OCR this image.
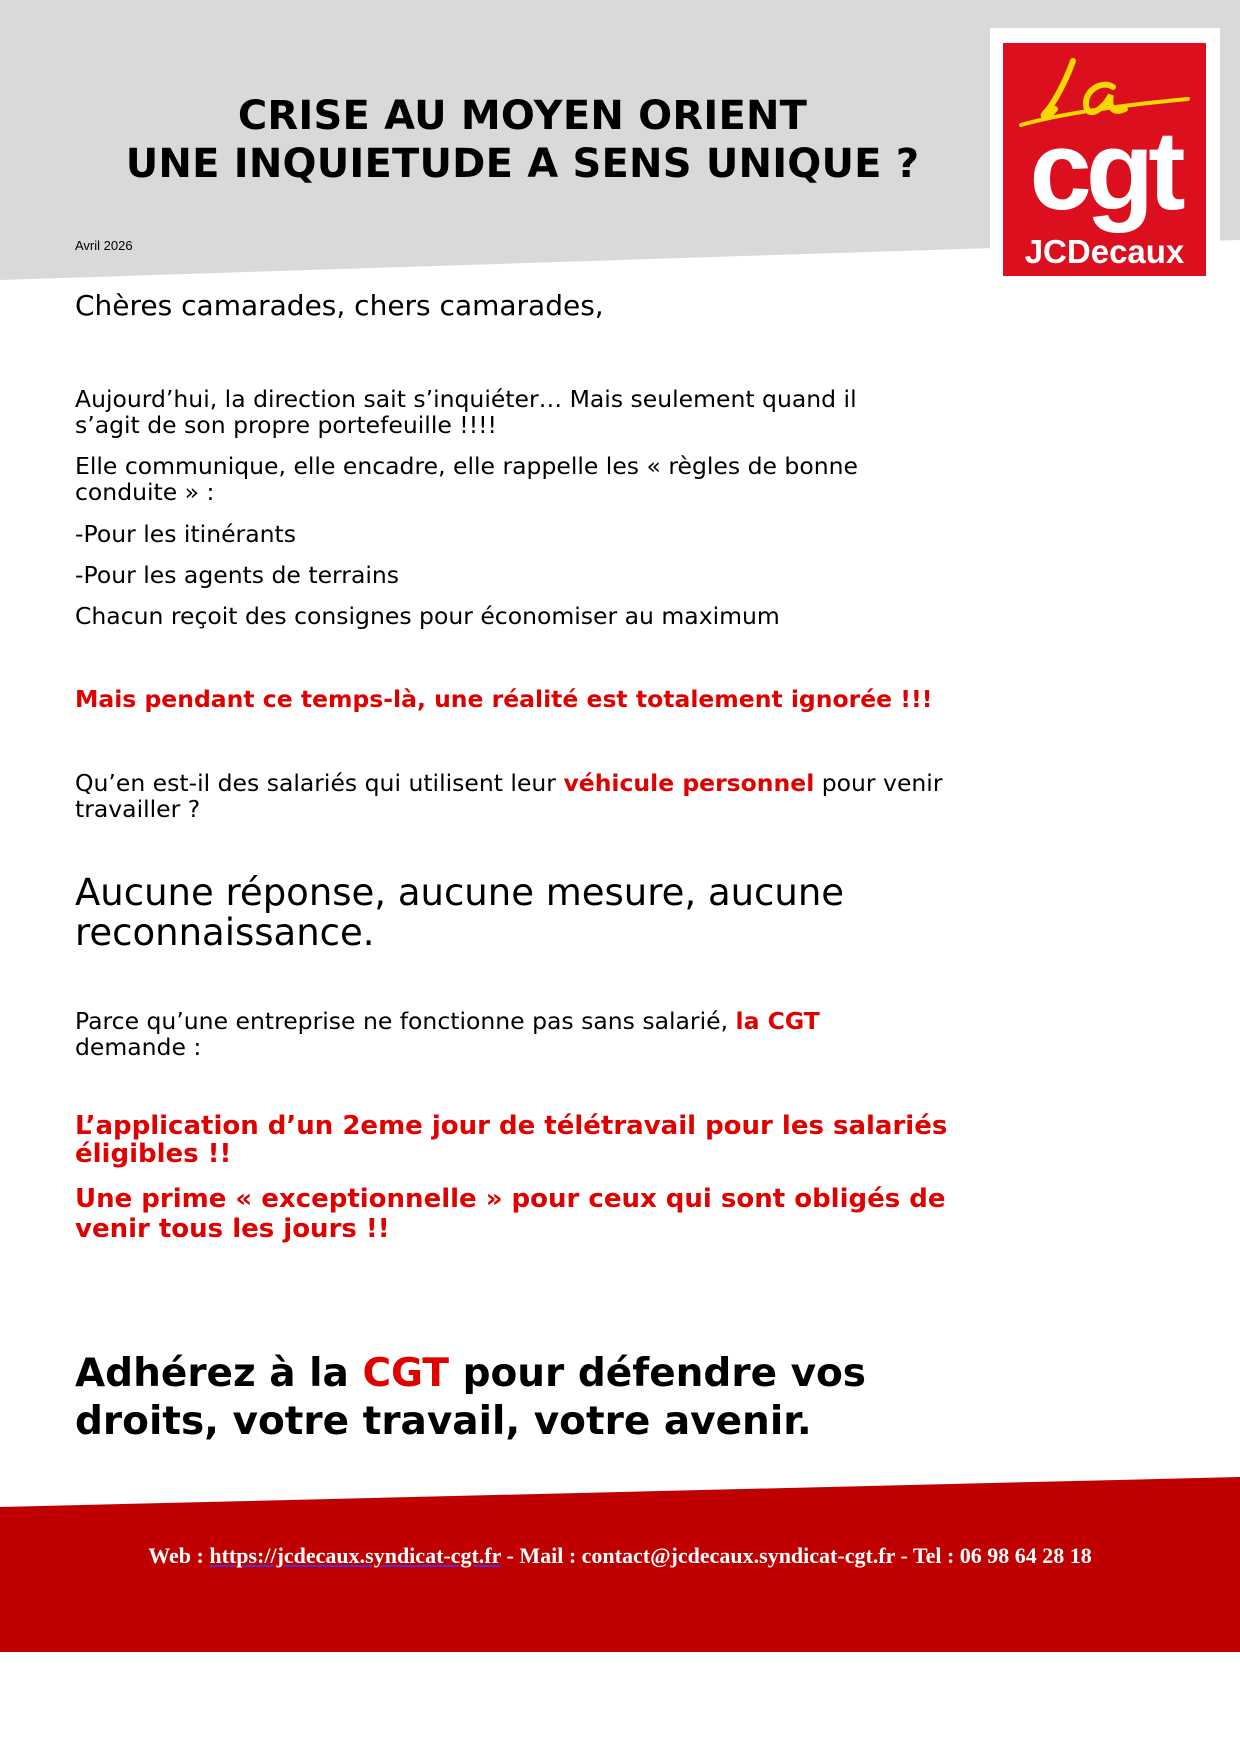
CRISE AU MOYEN ORIENT
UNE INQUIETUDE A SENS UNIQUE ?
Avril 2026
cgt
JCDecaux
Chères camarades, chers camarades,
Aujourd’hui, la direction sait s’inquiéter… Mais seulement quand il
s’agit de son propre portefeuille !!!!
Elle communique, elle encadre, elle rappelle les « règles de bonne
conduite » :
-Pour les itinérants
-Pour les agents de terrains
Chacun reçoit des consignes pour économiser au maximum
Mais pendant ce temps-là, une réalité est totalement ignorée !!!
Qu’en est-il des salariés qui utilisent leur véhicule personnel pour venir
travailler ?
Aucune réponse, aucune mesure, aucune
reconnaissance.
Parce qu’une entreprise ne fonctionne pas sans salarié, la CGT
demande :
L’application d’un 2eme jour de télétravail pour les salariés
éligibles !!
Une prime « exceptionnelle » pour ceux qui sont obligés de
venir tous les jours !!
Adhérez à la CGT pour défendre vos
droits, votre travail, votre avenir.
Web : https://jcdecaux.syndicat-cgt.fr - Mail : contact@jcdecaux.syndicat-cgt.fr - Tel : 06 98 64 28 18
